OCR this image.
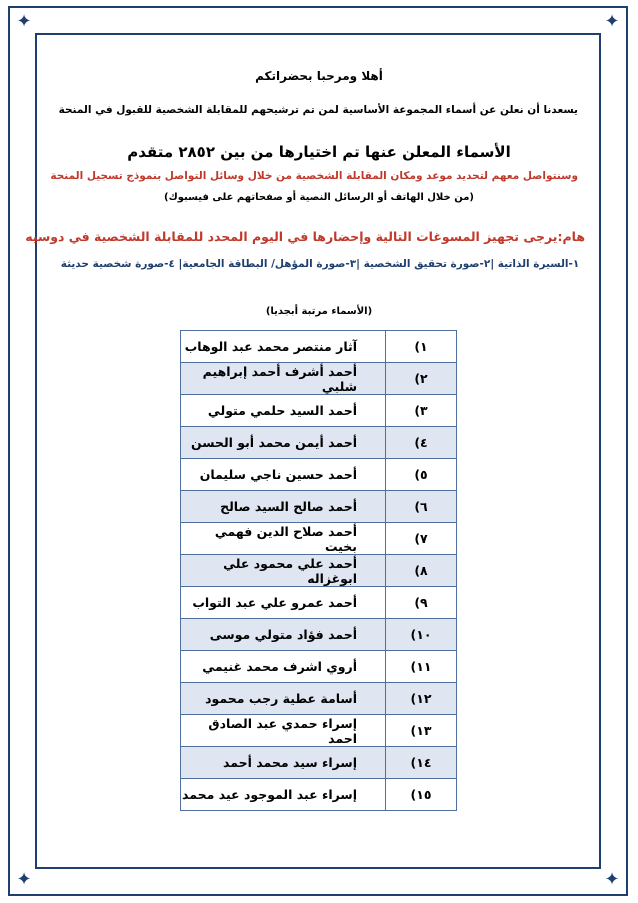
✦	✦
✦	✦
أهلا ومرحبا بحضراتكم
يسعدنا أن نعلن عن أسماء المجموعة الأساسية لمن تم ترشيحهم للمقابلة الشخصية للقبول في المنحة
الأسماء المعلن عنها تم اختيارها من بين ٢٨٥٢ متقدم
وسنتواصل معهم لتحديد موعد ومكان المقابلة الشخصية من خلال وسائل التواصل بنموذج تسجيل المنحة
(من خلال الهاتف أو الرسائل النصية أو صفحاتهم على فيسبوك)
هام:يرجى تجهيز المسوغات التالية وإحضارها في اليوم المحدد للمقابلة الشخصية في دوسيه
١-السيرة الذاتية |٢-صورة تحقيق الشخصية |٣-صورة المؤهل/ البطاقة الجامعية| ٤-صورة شخصية حديثة
(الأسماء مرتبة أبجديا)
آثار منتصر محمد عبد الوهاب	١)
أحمد أشرف أحمد إبراهيم شلبي	٢)
أحمد السيد حلمي متولي	٣)
أحمد أيمن محمد أبو الحسن	٤)
أحمد حسين ناجي سليمان	٥)
أحمد صالح السيد صالح	٦)
أحمد صلاح الدين فهمي بخيت	٧)
أحمد علي محمود علي ابوغزاله	٨)
أحمد عمرو علي عبد التواب	٩)
أحمد فؤاد متولي موسى	١٠)
أروي اشرف محمد غنيمي	١١)
أسامة عطية رجب محمود	١٢)
إسراء حمدي عبد الصادق احمد	١٣)
إسراء سيد محمد أحمد	١٤)
إسراء عبد الموجود عيد محمد	١٥)
